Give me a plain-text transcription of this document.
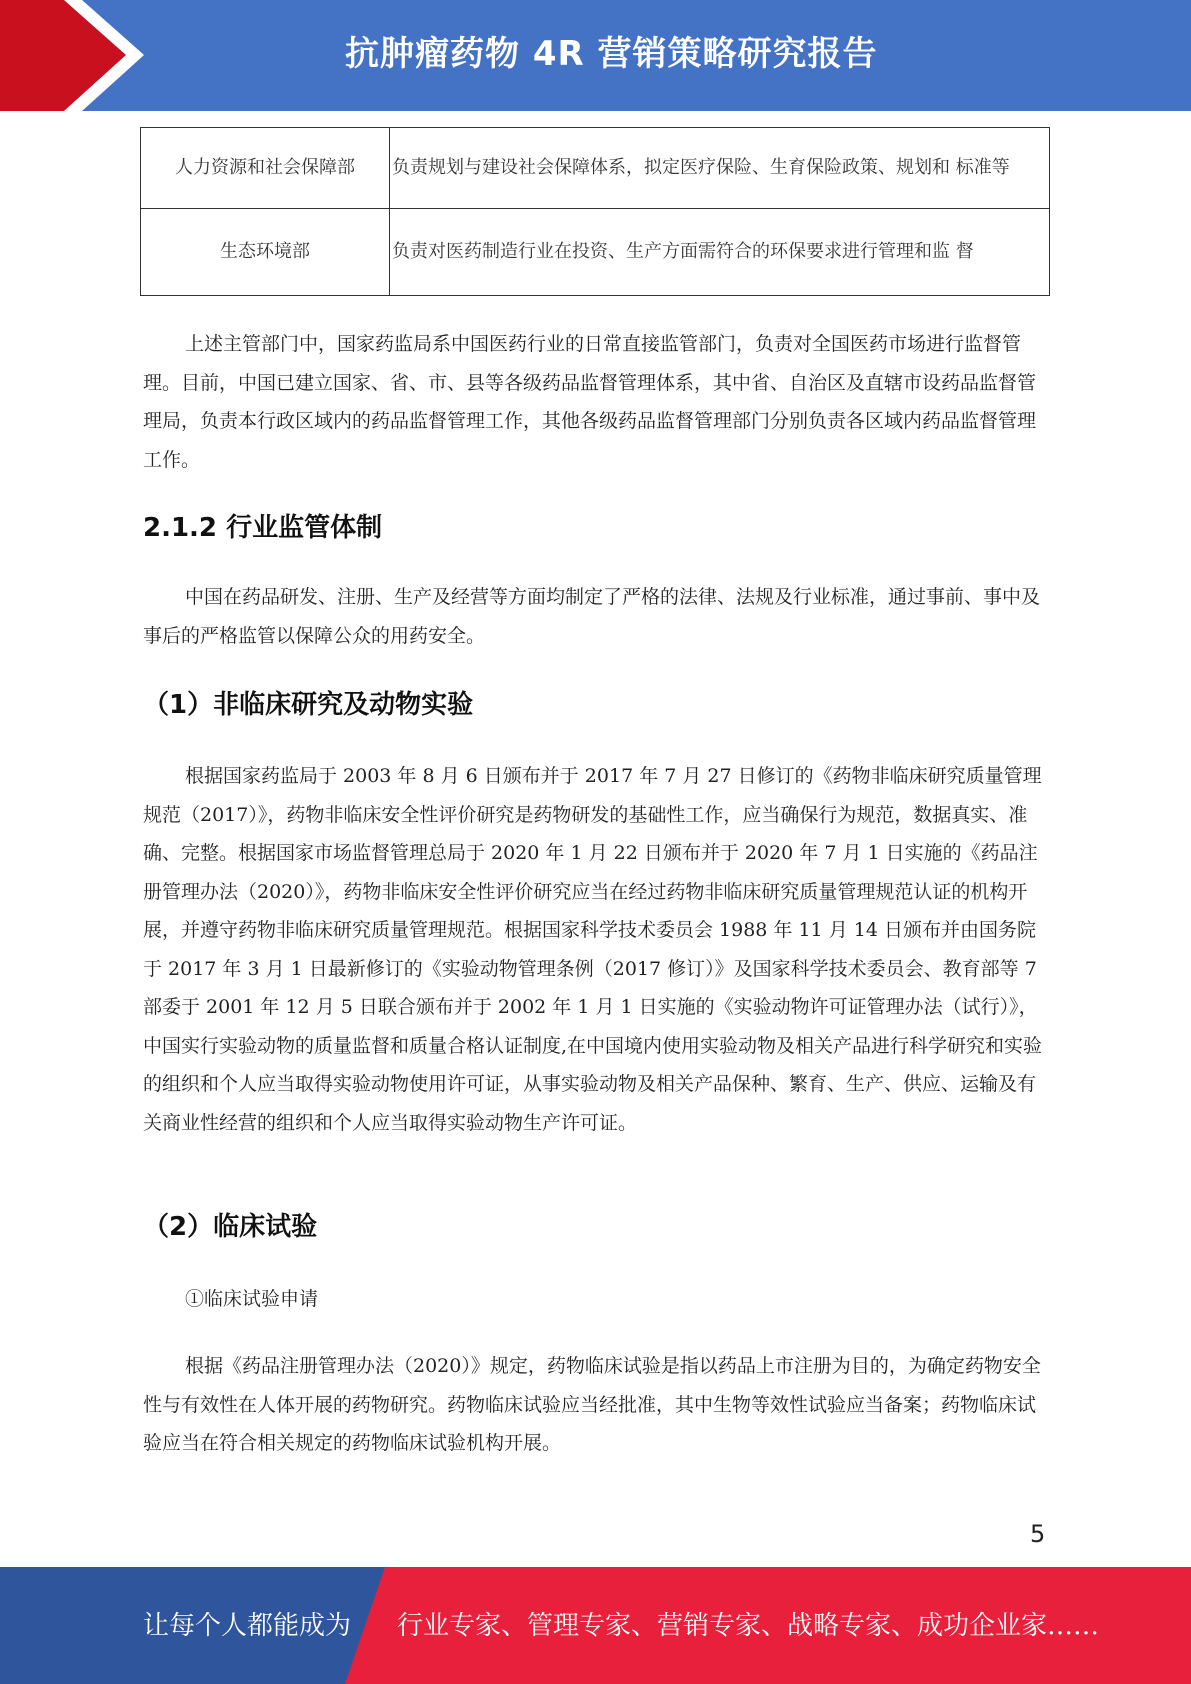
抗肿瘤药物 4R 营销策略研究报告
人力资源和社会保障部	负责规划与建设社会保障体系，拟定医疗保险、生育保险政策、规划和 标准等
生态环境部	负责对医药制造行业在投资、生产方面需符合的环保要求进行管理和监 督

上述主管部门中，国家药监局系中国医药行业的日常直接监管部门，负责对全国医药市场进行监督管理。目前，中国已建立国家、省、市、县等各级药品监督管理体系，其中省、自治区及直辖市设药品监督管理局，负责本行政区域内的药品监督管理工作，其他各级药品监督管理部门分别负责各区域内药品监督管理工作。

2.1.2 行业监管体制

中国在药品研发、注册、生产及经营等方面均制定了严格的法律、法规及行业标准，通过事前、事中及事后的严格监管以保障公众的用药安全。

（1）非临床研究及动物实验

根据国家药监局于 2003 年 8 月 6 日颁布并于 2017 年 7 月 27 日修订的《药物非临床研究质量管理规范（2017）》，药物非临床安全性评价研究是药物研发的基础性工作，应当确保行为规范，数据真实、准确、完整。根据国家市场监督管理总局于 2020 年 1 月 22 日颁布并于 2020 年 7 月 1 日实施的《药品注册管理办法（2020）》，药物非临床安全性评价研究应当在经过药物非临床研究质量管理规范认证的机构开展，并遵守药物非临床研究质量管理规范。根据国家科学技术委员会 1988 年 11 月 14 日颁布并由国务院于 2017 年 3 月 1 日最新修订的《实验动物管理条例（2017 修订）》及国家科学技术委员会、教育部等 7 部委于 2001 年 12 月 5 日联合颁布并于 2002 年 1 月 1 日实施的《实验动物许可证管理办法（试行）》，中国实行实验动物的质量监督和质量合格认证制度,在中国境内使用实验动物及相关产品进行科学研究和实验的组织和个人应当取得实验动物使用许可证，从事实验动物及相关产品保种、繁育、生产、供应、运输及有关商业性经营的组织和个人应当取得实验动物生产许可证。

（2）临床试验
①临床试验申请

根据《药品注册管理办法（2020）》规定，药物临床试验是指以药品上市注册为目的，为确定药物安全性与有效性在人体开展的药物研究。药物临床试验应当经批准，其中生物等效性试验应当备案；药物临床试验应当在符合相关规定的药物临床试验机构开展。

5
让每个人都能成为 行业专家、管理专家、营销专家、战略专家、成功企业家……
